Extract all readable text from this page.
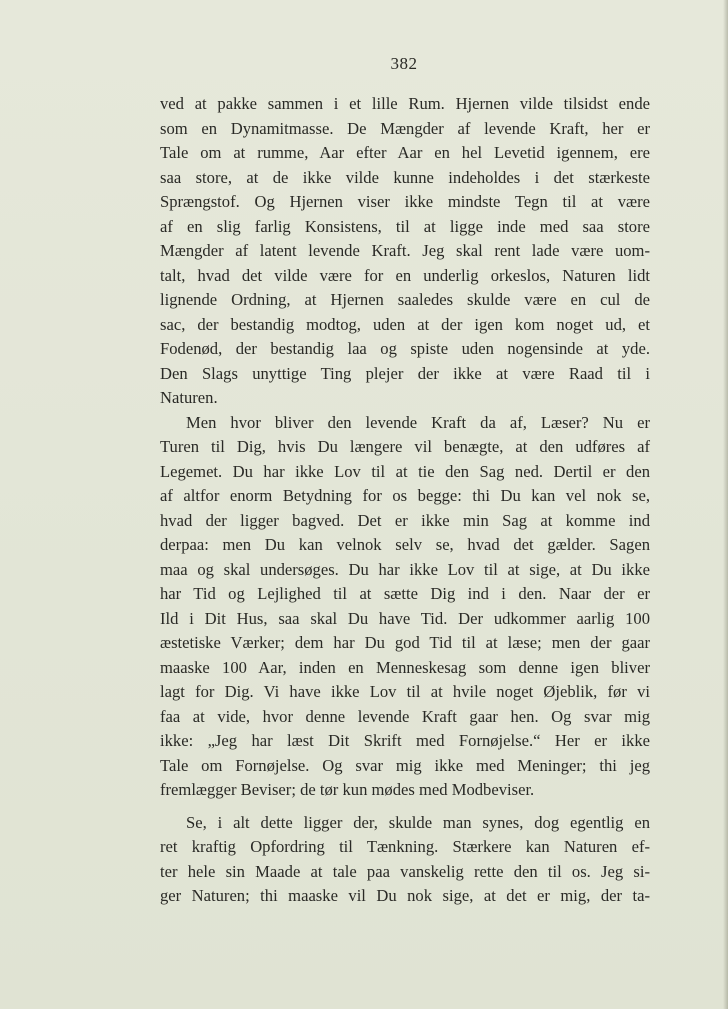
382
ved at pakke sammen i et lille Rum. Hjernen vilde tilsidst ende
som en Dynamitmasse. De Mængder af levende Kraft, her er
Tale om at rumme, Aar efter Aar en hel Levetid igennem, ere
saa store, at de ikke vilde kunne indeholdes i det stærkeste
Sprængstof. Og Hjernen viser ikke mindste Tegn til at være
af en slig farlig Konsistens, til at ligge inde med saa store
Mængder af latent levende Kraft. Jeg skal rent lade være uom-
talt, hvad det vilde være for en underlig orkeslos, Naturen lidt
lignende Ordning, at Hjernen saaledes skulde være en cul de
sac, der bestandig modtog, uden at der igen kom noget ud, et
Fodenød, der bestandig laa og spiste uden nogensinde at yde.
Den Slags unyttige Ting plejer der ikke at være Raad til i
Naturen.
Men hvor bliver den levende Kraft da af, Læser? Nu er
Turen til Dig, hvis Du længere vil benægte, at den udføres af
Legemet. Du har ikke Lov til at tie den Sag ned. Dertil er den
af altfor enorm Betydning for os begge: thi Du kan vel nok se,
hvad der ligger bagved. Det er ikke min Sag at komme ind
derpaa: men Du kan velnok selv se, hvad det gælder. Sagen
maa og skal undersøges. Du har ikke Lov til at sige, at Du ikke
har Tid og Lejlighed til at sætte Dig ind i den. Naar der er
Ild i Dit Hus, saa skal Du have Tid. Der udkommer aarlig 100
æstetiske Værker; dem har Du god Tid til at læse; men der gaar
maaske 100 Aar, inden en Menneskesag som denne igen bliver
lagt for Dig. Vi have ikke Lov til at hvile noget Øjeblik, før vi
faa at vide, hvor denne levende Kraft gaar hen. Og svar mig
ikke: „Jeg har læst Dit Skrift med Fornøjelse.“ Her er ikke
Tale om Fornøjelse. Og svar mig ikke med Meninger; thi jeg
fremlægger Beviser; de tør kun mødes med Modbeviser.
Se, i alt dette ligger der, skulde man synes, dog egentlig en
ret kraftig Opfordring til Tænkning. Stærkere kan Naturen ef-
ter hele sin Maade at tale paa vanskelig rette den til os. Jeg si-
ger Naturen; thi maaske vil Du nok sige, at det er mig, der ta-
